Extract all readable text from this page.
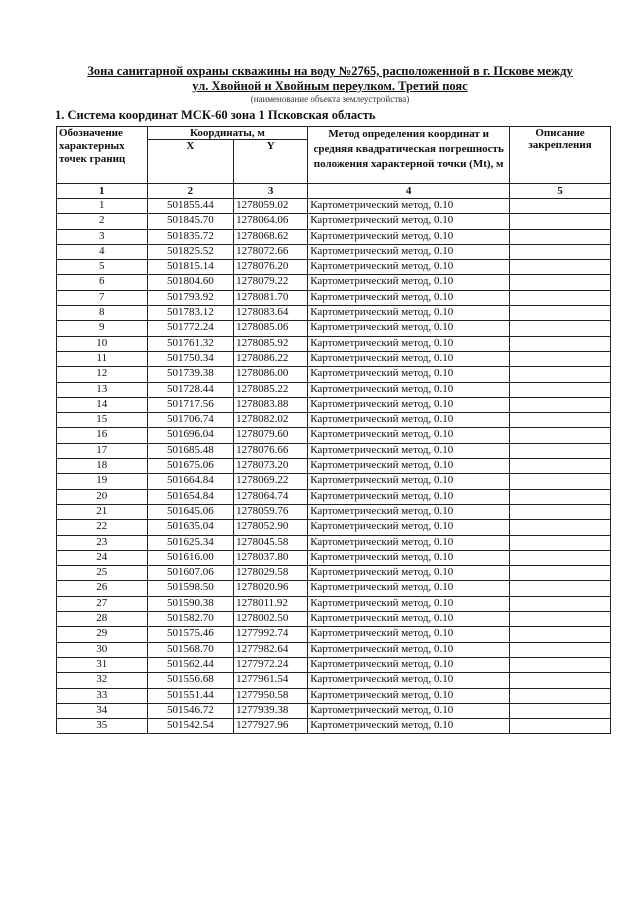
Зона санитарной охраны скважины на воду №2765, расположенной в г. Пскове между
ул. Хвойной и Хвойным переулком. Третий пояс
(наименование объекта землеустройства)
1. Система координат МСК-60 зона 1 Псковская область
Обозначение характерных точек границ	Координаты, м		Метод определения координат и средняя квадратическая погрешность положения характерной точки (Mt), м	Описание закрепления
	X	Y		
1	2	3	4	5
1	501855.44	1278059.02	Картометрический метод, 0.10	
2	501845.70	1278064.06	Картометрический метод, 0.10	
3	501835.72	1278068.62	Картометрический метод, 0.10	
4	501825.52	1278072.66	Картометрический метод, 0.10	
5	501815.14	1278076.20	Картометрический метод, 0.10	
6	501804.60	1278079.22	Картометрический метод, 0.10	
7	501793.92	1278081.70	Картометрический метод, 0.10	
8	501783.12	1278083.64	Картометрический метод, 0.10	
9	501772.24	1278085.06	Картометрический метод, 0.10	
10	501761.32	1278085.92	Картометрический метод, 0.10	
11	501750.34	1278086.22	Картометрический метод, 0.10	
12	501739.38	1278086.00	Картометрический метод, 0.10	
13	501728.44	1278085.22	Картометрический метод, 0.10	
14	501717.56	1278083.88	Картометрический метод, 0.10	
15	501706.74	1278082.02	Картометрический метод, 0.10	
16	501696.04	1278079.60	Картометрический метод, 0.10	
17	501685.48	1278076.66	Картометрический метод, 0.10	
18	501675.06	1278073.20	Картометрический метод, 0.10	
19	501664.84	1278069.22	Картометрический метод, 0.10	
20	501654.84	1278064.74	Картометрический метод, 0.10	
21	501645.06	1278059.76	Картометрический метод, 0.10	
22	501635.04	1278052.90	Картометрический метод, 0.10	
23	501625.34	1278045.58	Картометрический метод, 0.10	
24	501616.00	1278037.80	Картометрический метод, 0.10	
25	501607.06	1278029.58	Картометрический метод, 0.10	
26	501598.50	1278020.96	Картометрический метод, 0.10	
27	501590.38	1278011.92	Картометрический метод, 0.10	
28	501582.70	1278002.50	Картометрический метод, 0.10	
29	501575.46	1277992.74	Картометрический метод, 0.10	
30	501568.70	1277982.64	Картометрический метод, 0.10	
31	501562.44	1277972.24	Картометрический метод, 0.10	
32	501556.68	1277961.54	Картометрический метод, 0.10	
33	501551.44	1277950.58	Картометрический метод, 0.10	
34	501546.72	1277939.38	Картометрический метод, 0.10	
35	501542.54	1277927.96	Картометрический метод, 0.10	
